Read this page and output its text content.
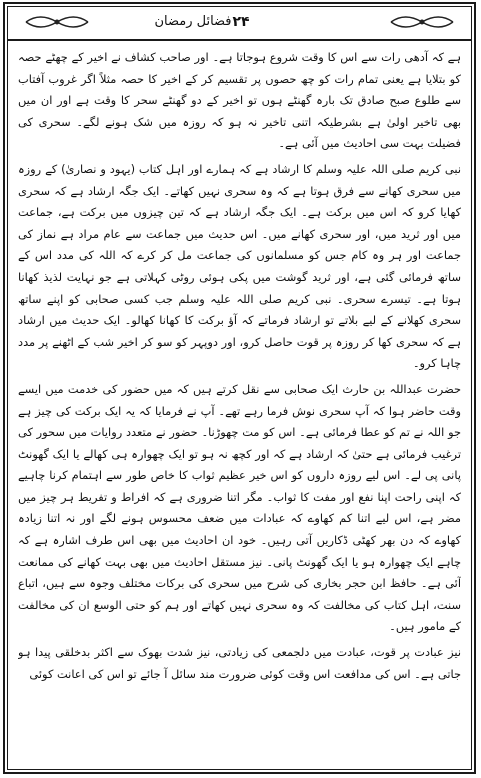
فضائل رمضان ۲۴

ہے کہ آدھی رات سے اس کا وقت شروع ہوجاتا ہے۔ اور صاحب کشاف نے اخیر کے چھٹے حصہ کو بتلایا ہے یعنی تمام رات کو چھ حصوں پر تقسیم کر کے اخیر کا حصہ مثلاً اگر غروب آفتاب سے طلوع صبح صادق تک بارہ گھنٹے ہوں تو اخیر کے دو گھنٹے سحر کا وقت ہے اور ان میں بھی تاخیر اولیٰ ہے بشرطیکہ اتنی تاخیر نہ ہو کہ روزہ میں شک ہونے لگے۔ سحری کی فضیلت بہت سی احادیث میں آئی ہے۔

نبی کریم صلی اللہ علیہ وسلم کا ارشاد ہے کہ ہمارے اور اہل کتاب (یہود و نصاریٰ) کے روزہ میں سحری کھانے سے فرق ہوتا ہے کہ وہ سحری نہیں کھاتے۔ ایک جگہ ارشاد ہے کہ سحری کھایا کرو کہ اس میں برکت ہے۔ ایک جگہ ارشاد ہے کہ تین چیزوں میں برکت ہے، جماعت میں اور ثرید میں، اور سحری کھانے میں۔ اس حدیث میں جماعت سے عام مراد ہے نماز کی جماعت اور ہر وہ کام جس کو مسلمانوں کی جماعت مل کر کرے کہ اللہ کی مدد اس کے ساتھ فرمائی گئی ہے، اور ثرید گوشت میں پکی ہوئی روٹی کہلاتی ہے جو نہایت لذیذ کھانا ہوتا ہے۔ تیسرے سحری۔ نبی کریم صلی اللہ علیہ وسلم جب کسی صحابی کو اپنے ساتھ سحری کھلانے کے لیے بلاتے تو ارشاد فرماتے کہ آؤ برکت کا کھانا کھالو۔ ایک حدیث میں ارشاد ہے کہ سحری کھا کر روزہ پر قوت حاصل کرو، اور دوپہر کو سو کر اخیر شب کے اٹھنے پر مدد چاہا کرو۔

حضرت عبداللہ بن حارث ایک صحابی سے نقل کرتے ہیں کہ میں حضور کی خدمت میں ایسے وقت حاضر ہوا کہ آپ سحری نوش فرما رہے تھے۔ آپ نے فرمایا کہ یہ ایک برکت کی چیز ہے جو اللہ نے تم کو عطا فرمائی ہے۔ اس کو مت چھوڑنا۔ حضور نے متعدد روایات میں سحور کی ترغیب فرمائی ہے حتیٰ کہ ارشاد ہے کہ اور کچھ نہ ہو تو ایک چھوارہ ہی کھالے یا ایک گھونٹ پانی پی لے۔ اس لیے روزہ داروں کو اس خیر عظیم ثواب کا خاص طور سے اہتمام کرنا چاہیے کہ اپنی راحت اپنا نفع اور مفت کا ثواب۔ مگر اتنا ضروری ہے کہ افراط و تفریط ہر چیز میں مضر ہے، اس لیے اتنا کم کھاوے کہ عبادات میں ضعف محسوس ہونے لگے اور نہ اتنا زیادہ کھاوے کہ دن بھر کھٹی ڈکاریں آتی رہیں۔ خود ان احادیث میں بھی اس طرف اشارہ ہے کہ چاہے ایک چھوارہ ہو یا ایک گھونٹ پانی۔ نیز مستقل احادیث میں بھی بہت کھانے کی ممانعت آئی ہے۔ حافظ ابن حجر بخاری کی شرح میں سحری کی برکات مختلف وجوہ سے ہیں، اتباع سنت، اہل کتاب کی مخالفت کہ وہ سحری نہیں کھاتے اور ہم کو حتی الوسع ان کی مخالفت کے مامور ہیں۔

نیز عبادت پر قوت، عبادت میں دلجمعی کی زیادتی، نیز شدت بھوک سے اکثر بدخلقی پیدا ہو جاتی ہے۔ اس کی مدافعت اس وقت کوئی ضرورت مند سائل آ جائے تو اس کی اعانت کوئی
